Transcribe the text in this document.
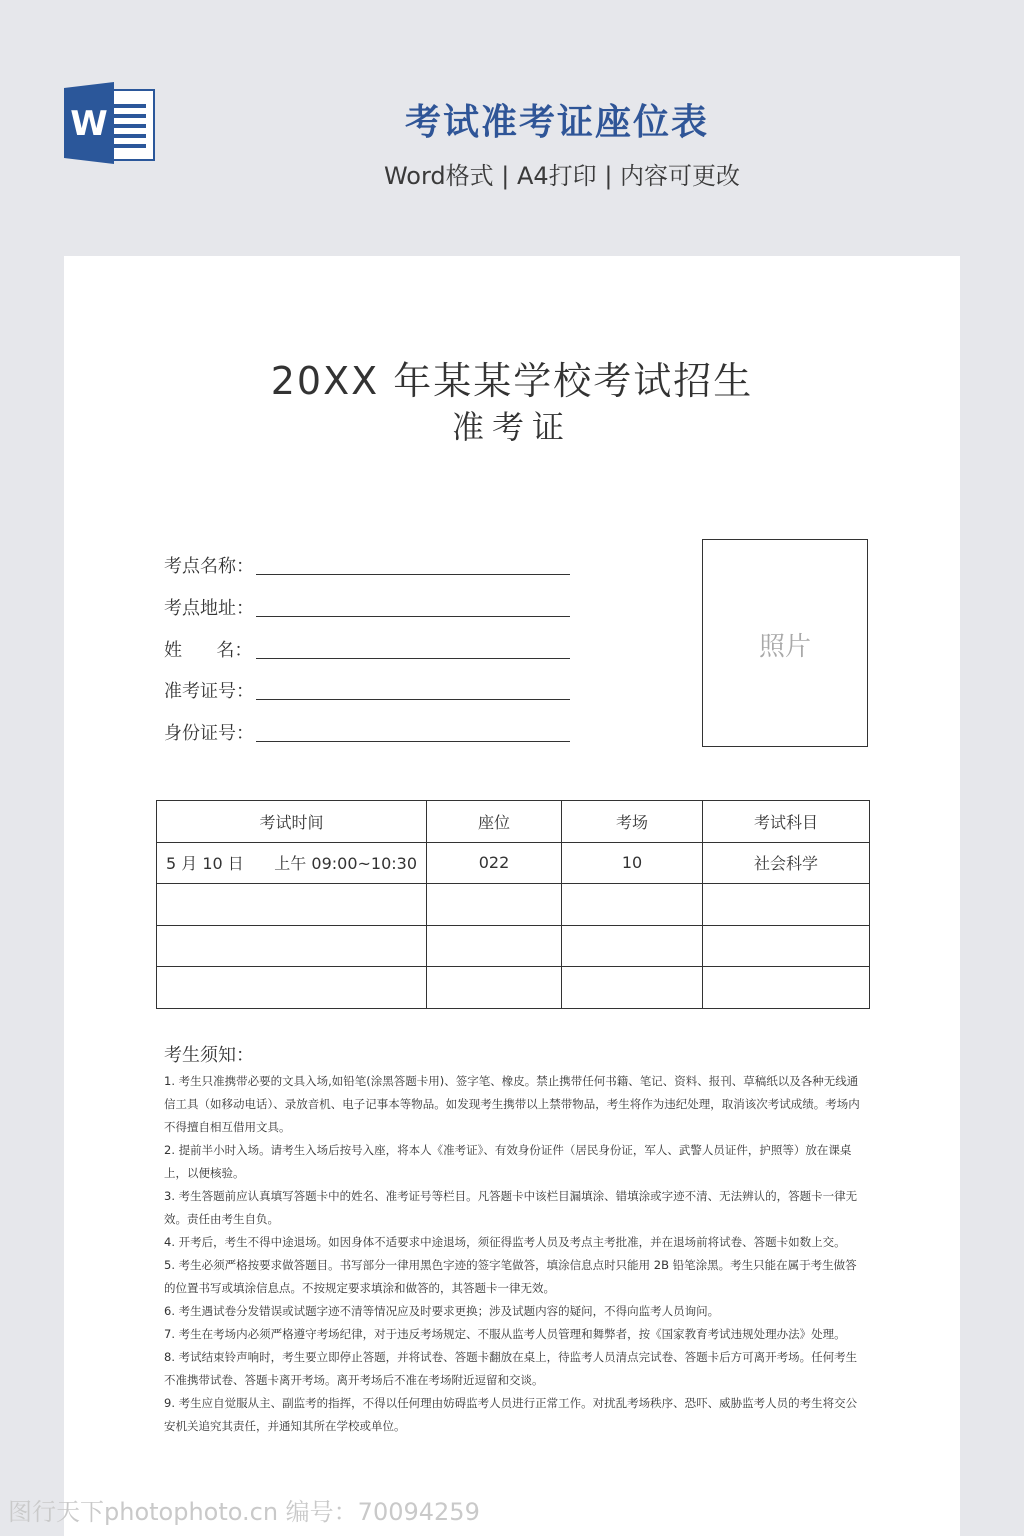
W	考试准考证座位表
Word格式 | A4打印 | 内容可更改
20XX 年某某学校考试招生
准考证
考点名称：
考点地址：
姓      名：
准考证号：
身份证号：
照片
考试时间	座位	考场	考试科目
5 月 10 日      上午 09:00~10:30	022	10	社会科学

考生须知：

1. 考生只准携带必要的文具入场,如铅笔(涂黑答题卡用)、签字笔、橡皮。禁止携带任何书籍、笔记、资料、报刊、草稿纸以及各种无线通信工具（如移动电话）、录放音机、电子记事本等物品。如发现考生携带以上禁带物品，考生将作为违纪处理，取消该次考试成绩。考场内不得擅自相互借用文具。

2. 提前半小时入场。请考生入场后按号入座，将本人《准考证》、有效身份证件（居民身份证，军人、武警人员证件，护照等）放在课桌上，以便核验。

3. 考生答题前应认真填写答题卡中的姓名、准考证号等栏目。凡答题卡中该栏目漏填涂、错填涂或字迹不清、无法辨认的，答题卡一律无效。责任由考生自负。

4. 开考后，考生不得中途退场。如因身体不适要求中途退场，须征得监考人员及考点主考批准，并在退场前将试卷、答题卡如数上交。

5. 考生必须严格按要求做答题目。书写部分一律用黑色字迹的签字笔做答，填涂信息点时只能用 2B 铅笔涂黑。考生只能在属于考生做答的位置书写或填涂信息点。不按规定要求填涂和做答的，其答题卡一律无效。

6. 考生遇试卷分发错误或试题字迹不清等情况应及时要求更换；涉及试题内容的疑问，不得向监考人员询问。

7. 考生在考场内必须严格遵守考场纪律，对于违反考场规定、不服从监考人员管理和舞弊者，按《国家教育考试违规处理办法》处理。

8. 考试结束铃声响时，考生要立即停止答题，并将试卷、答题卡翻放在桌上，待监考人员清点完试卷、答题卡后方可离开考场。任何考生不准携带试卷、答题卡离开考场。离开考场后不准在考场附近逗留和交谈。

9. 考生应自觉服从主、副监考的指挥，不得以任何理由妨碍监考人员进行正常工作。对扰乱考场秩序、恐吓、威胁监考人员的考生将交公安机关追究其责任，并通知其所在学校或单位。

图行天下photophoto.cn 编号：70094259
